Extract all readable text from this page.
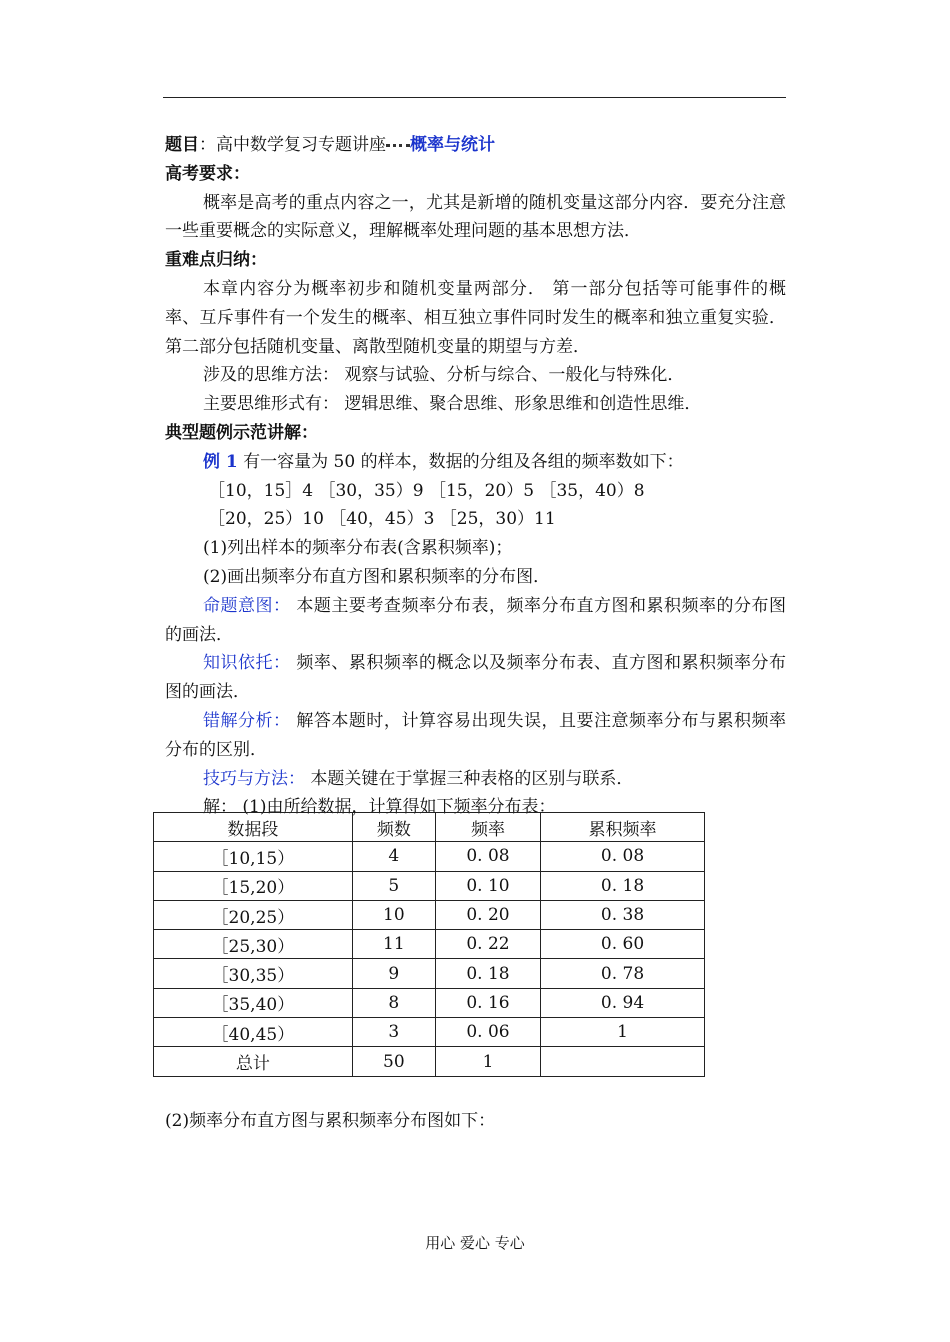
题目：高中数学复习专题讲座 概率与统计
高考要求：
概率是高考的重点内容之一，尤其是新增的随机变量这部分内容．要充分注意一些重要概念的实际意义，理解概率处理问题的基本思想方法．
重难点归纳：
本章内容分为概率初步和随机变量两部分． 第一部分包括等可能事件的概率、互斥事件有一个发生的概率、相互独立事件同时发生的概率和独立重复实验． 第二部分包括随机变量、离散型随机变量的期望与方差．
涉及的思维方法： 观察与试验、分析与综合、一般化与特殊化．
主要思维形式有： 逻辑思维、聚合思维、形象思维和创造性思维．
典型题例示范讲解：
例 1 有一容量为 50 的样本，数据的分组及各组的频率数如下：
［10，15］4 ［30，35）9 ［15，20）5 ［35，40）8
［20，25）10 ［40，45）3 ［25，30）11
(1)列出样本的频率分布表(含累积频率)；
(2)画出频率分布直方图和累积频率的分布图．
命题意图： 本题主要考查频率分布表，频率分布直方图和累积频率的分布图的画法．
知识依托： 频率、累积频率的概念以及频率分布表、直方图和累积频率分布图的画法．
错解分析： 解答本题时，计算容易出现失误，且要注意频率分布与累积频率分布的区别．
技巧与方法： 本题关键在于掌握三种表格的区别与联系．
解： (1)由所给数据，计算得如下频率分布表：
数据段	频数	频率	累积频率
［10,15）	4	0. 08	0. 08
［15,20）	5	0. 10	0. 18
［20,25）	10	0. 20	0. 38
［25,30）	11	0. 22	0. 60
［30,35）	9	0. 18	0. 78
［35,40）	8	0. 16	0. 94
［40,45）	3	0. 06	1
总计	50	1	
(2)频率分布直方图与累积频率分布图如下：
用心 爱心 专心
